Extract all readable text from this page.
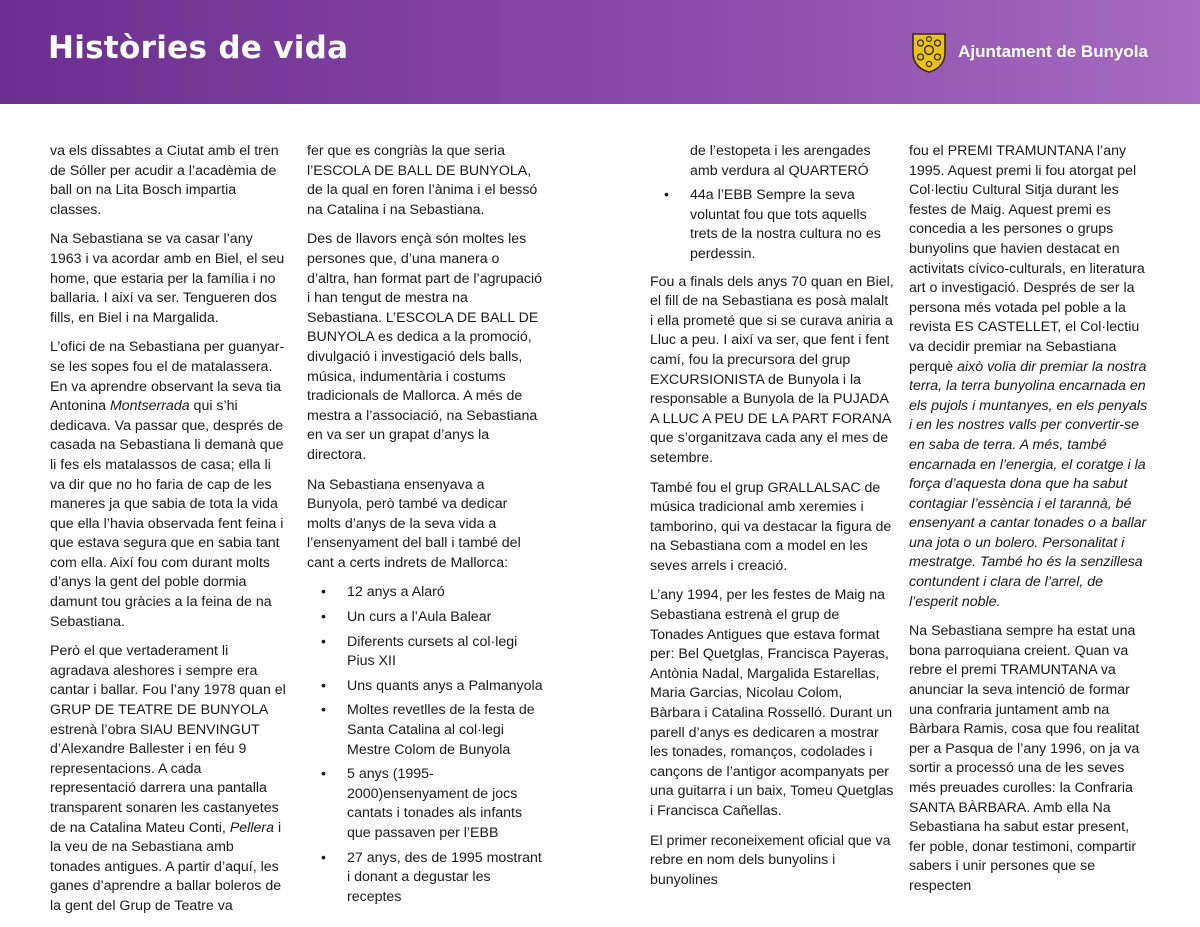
Històries de vida	Ajuntament de Bunyola

va els dissabtes a Ciutat amb el tren de Sóller per acudir a l’acadèmia de ball on na Lita Bosch impartia classes.

Na Sebastiana se va casar l’any 1963 i va acordar amb en Biel, el seu home, que estaria per la família i no ballaria. I així va ser. Tengueren dos fills, en Biel i na Margalida.

L’ofici de na Sebastiana per guanyar-se les sopes fou el de matalassera. En va aprendre observant la seva tia Antonina Montserrada qui s’hi dedicava. Va passar que, després de casada na Sebastiana li demanà que li fes els matalassos de casa; ella li va dir que no ho faria de cap de les maneres ja que sabia de tota la vida que ella l’havia observada fent feina i que estava segura que en sabia tant com ella. Així fou com durant molts d’anys la gent del poble dormia damunt tou gràcies a la feina de na Sebastiana.

Però el que vertaderament li agradava aleshores i sempre era cantar i ballar. Fou l’any 1978 quan el GRUP DE TEATRE DE BUNYOLA estrenà l’obra SIAU BENVINGUT d’Alexandre Ballester i en féu 9 representacions. A cada representació darrera una pantalla transparent sonaren les castanyetes de na Catalina Mateu Conti, Pellera i la veu de na Sebastiana amb tonades antigues. A partir d’aquí, les ganes d’aprendre a ballar boleros de la gent del Grup de Teatre va

fer que es congriàs la que seria l’ESCOLA DE BALL DE BUNYOLA, de la qual en foren l’ànima i el bessó na Catalina i na Sebastiana.

Des de llavors ençà són moltes les persones que, d’una manera o d’altra, han format part de l’agrupació i han tengut de mestra na Sebastiana. L’ESCOLA DE BALL DE BUNYOLA es dedica a la promoció, divulgació i investigació dels balls, música, indumentària i costums tradicionals de Mallorca. A més de mestra a l’associació, na Sebastiana en va ser un grapat d’anys la directora.

Na Sebastiana ensenyava a Bunyola, però també va dedicar molts d’anys de la seva vida a l’ensenyament del ball i també del cant a certs indrets de Mallorca:

• 12 anys a Alaró
• Un curs a l’Aula Balear
• Diferents cursets al col·legi Pius XII
• Uns quants anys a Palmanyola
• Moltes revetlles de la festa de Santa Catalina al col·legi Mestre Colom de Bunyola
• 5 anys (1995-2000)ensenyament de jocs cantats i tonades als infants que passaven per l’EBB
• 27 anys, des de 1995 mostrant i donant a degustar les receptes
de l’estopeta i les arengades amb verdura al QUARTERÓ
• 44a l’EBB Sempre la seva voluntat fou que tots aquells trets de la nostra cultura no es perdessin.

Fou a finals dels anys 70 quan en Biel, el fill de na Sebastiana es posà malalt i ella prometé que si se curava aniria a Lluc a peu. I així va ser, que fent i fent camí, fou la precursora del grup EXCURSIONISTA de Bunyola i la responsable a Bunyola de la PUJADA A LLUC A PEU DE LA PART FORANA que s’organitzava cada any el mes de setembre.

També fou el grup GRALLALSAC de música tradicional amb xeremies i tamborino, qui va destacar la figura de na Sebastiana com a model en les seves arrels i creació.

L’any 1994, per les festes de Maig na Sebastiana estrenà el grup de Tonades Antigues que estava format per: Bel Quetglas, Francisca Payeras, Antònia Nadal, Margalida Estarellas, Maria Garcias, Nicolau Colom, Bàrbara i Catalina Rosselló. Durant un parell d’anys es dedicaren a mostrar les tonades, romanços, codolades i cançons de l’antigor acompanyats per una guitarra i un baix, Tomeu Quetglas i Francisca Cañellas.

El primer reconeixement oficial que va rebre en nom dels bunyolins i bunyolines

fou el PREMI TRAMUNTANA l’any 1995. Aquest premi li fou atorgat pel Col·lectiu Cultural Sitja durant les festes de Maig. Aquest premi es concedia a les persones o grups bunyolins que havien destacat en activitats cívico-culturals, en literatura art o investigació. Després de ser la persona més votada pel poble a la revista ES CASTELLET, el Col·lectiu va decidir premiar na Sebastiana perquè això volia dir premiar la nostra terra, la terra bunyolina encarnada en els pujols i muntanyes, en els penyals i en les nostres valls per convertir-se en saba de terra. A més, també encarnada en l’energia, el coratge i la força d’aquesta dona que ha sabut contagiar l’essència i el tarannà, bé ensenyant a cantar tonades o a ballar una jota o un bolero. Personalitat i mestratge. També ho és la senzillesa contundent i clara de l’arrel, de l’esperit noble.

Na Sebastiana sempre ha estat una bona parroquiana creient. Quan va rebre el premi TRAMUNTANA va anunciar la seva intenció de formar una confraria juntament amb na Bàrbara Ramis, cosa que fou realitat per a Pasqua de l’any 1996, on ja va sortir a processó una de les seves més preuades curolles: la Confraria SANTA BÀRBARA. Amb ella Na Sebastiana ha sabut estar present, fer poble, donar testimoni, compartir sabers i unir persones que se respecten
